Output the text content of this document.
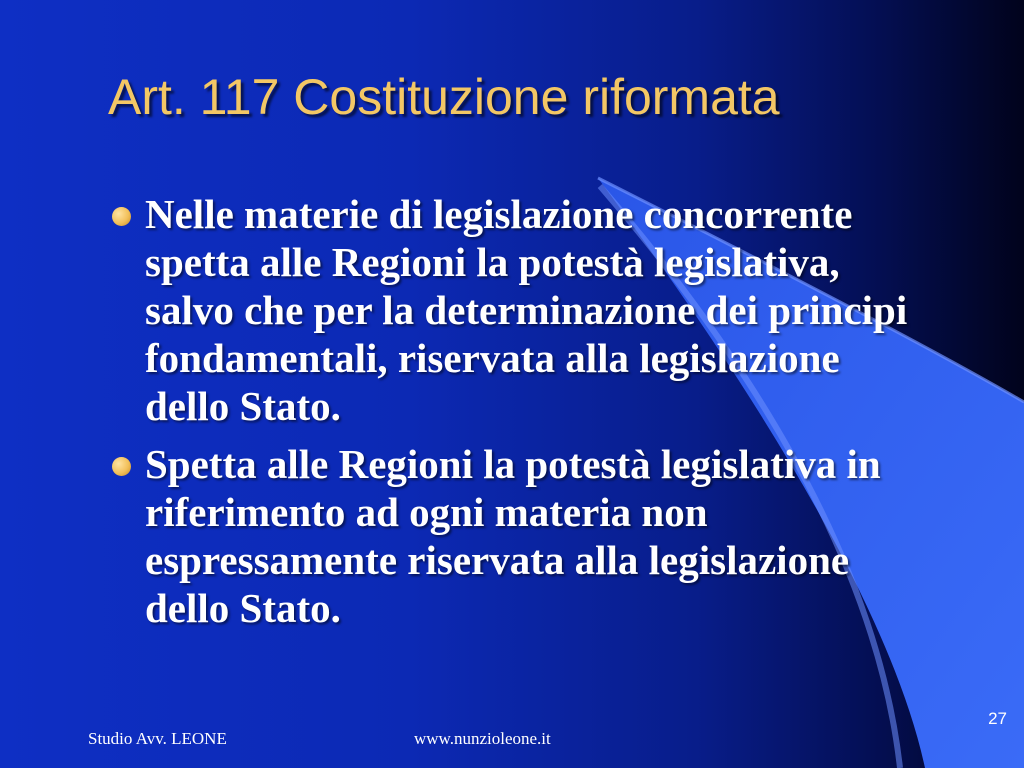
Art. 117 Costituzione riformata
Nelle materie di legislazione concorrente spetta alle Regioni la potestà legislativa, salvo che per la determinazione dei principi fondamentali, riservata alla legislazione dello Stato.
Spetta alle Regioni la potestà legislativa in riferimento ad ogni materia non espressamente riservata alla legislazione dello Stato.
Studio Avv. LEONE	www.nunzioleone.it
27
